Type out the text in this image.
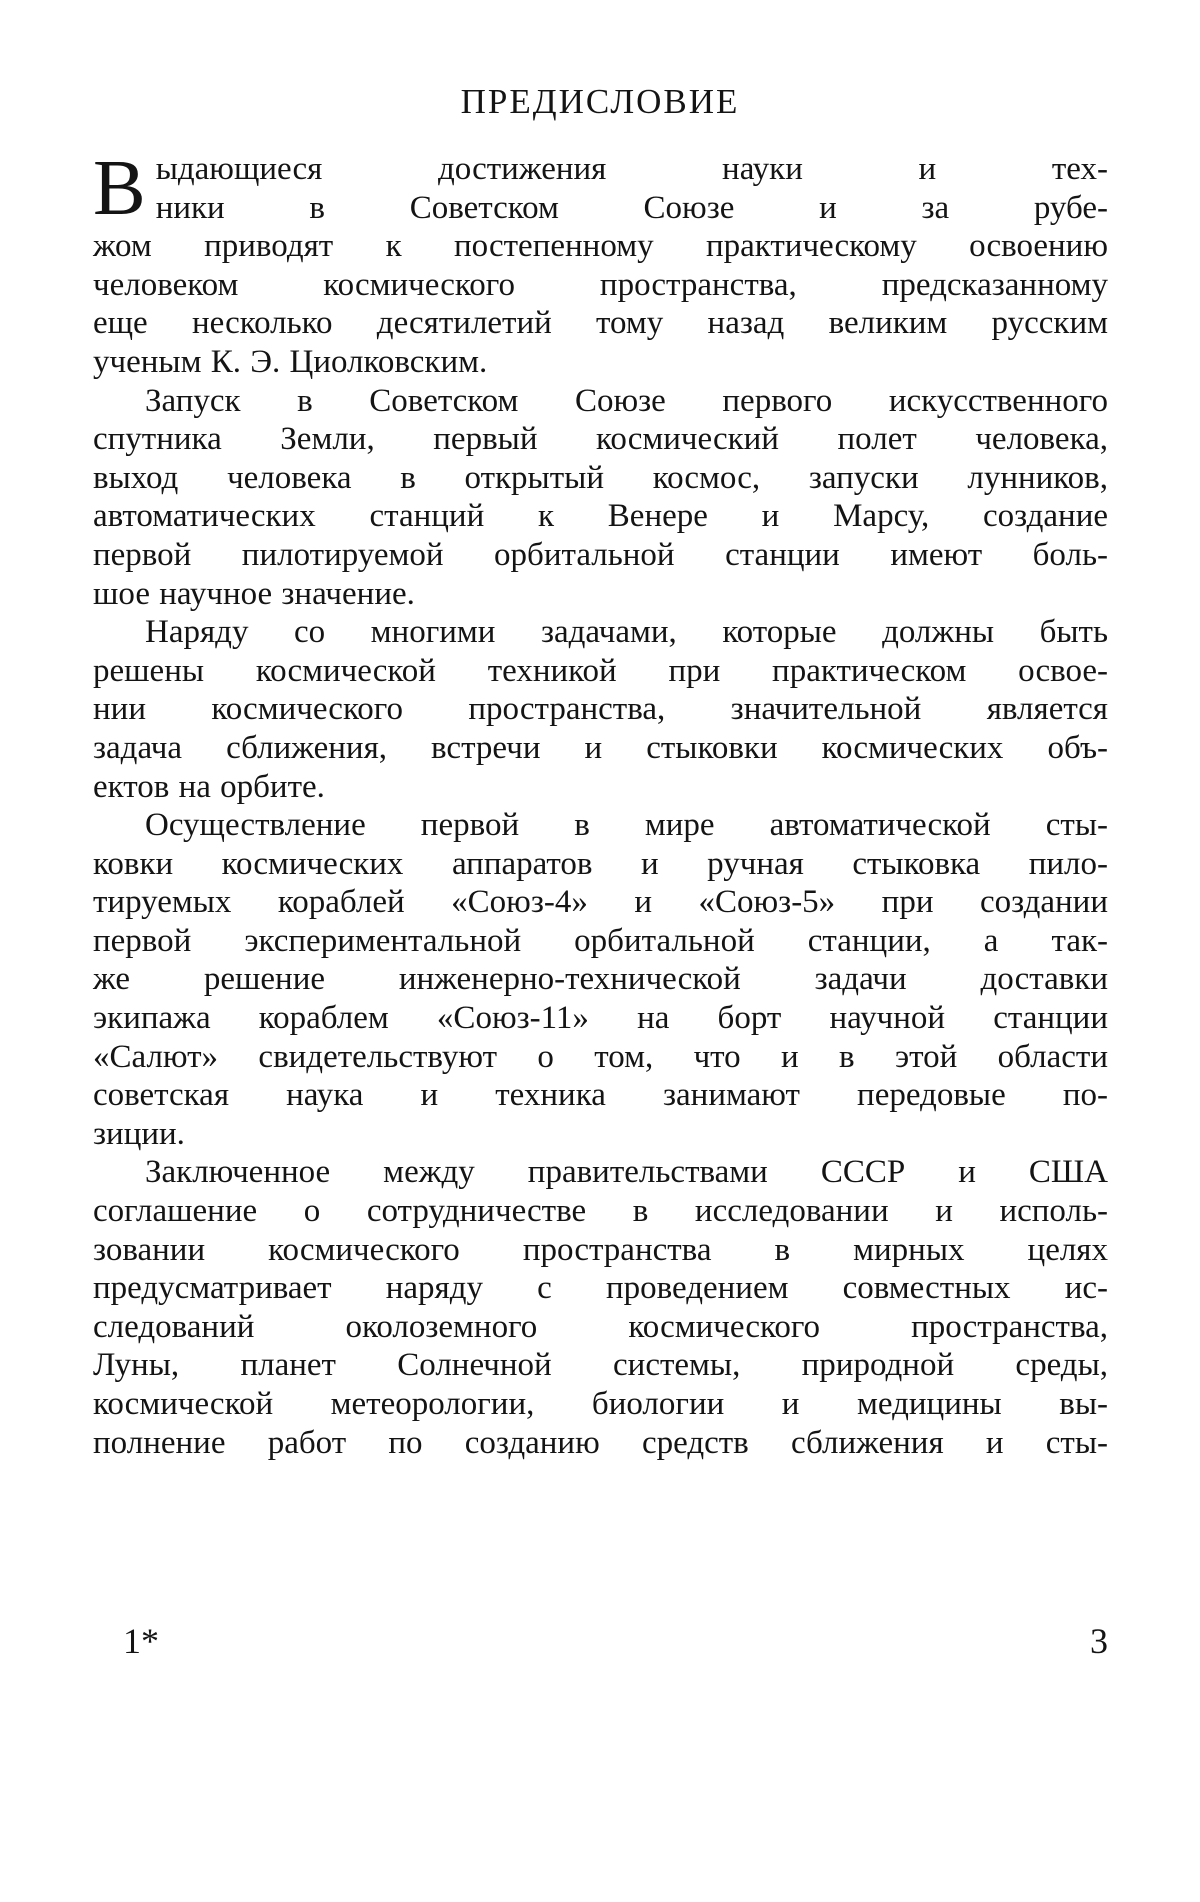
ПРЕДИСЛОВИЕ

В ыдающиеся достижения науки и тех-
ники в Советском Союзе и за рубе-
жом приводят к постепенному практическому освоению
человеком космического пространства, предсказанному
еще несколько десятилетий тому назад великим русским
ученым К. Э. Циолковским.

Запуск в Советском Союзе первого искусственного
спутника Земли, первый космический полет человека,
выход человека в открытый космос, запуски лунников,
автоматических станций к Венере и Марсу, создание
первой пилотируемой орбитальной станции имеют боль-
шое научное значение.

Наряду со многими задачами, которые должны быть
решены космической техникой при практическом освое-
нии космического пространства, значительной является
задача сближения, встречи и стыковки космических объ-
ектов на орбите.

Осуществление первой в мире автоматической сты-
ковки космических аппаратов и ручная стыковка пило-
тируемых кораблей «Союз-4» и «Союз-5» при создании
первой экспериментальной орбитальной станции, а так-
же решение инженерно-технической задачи доставки
экипажа кораблем «Союз-11» на борт научной станции
«Салют» свидетельствуют о том, что и в этой области
советская наука и техника занимают передовые по-
зиции.

Заключенное между правительствами СССР и США
соглашение о сотрудничестве в исследовании и исполь-
зовании космического пространства в мирных целях
предусматривает наряду с проведением совместных ис-
следований околоземного космического пространства,
Луны, планет Солнечной системы, природной среды,
космической метеорологии, биологии и медицины вы-
полнение работ по созданию средств сближения и сты-

1*	3
